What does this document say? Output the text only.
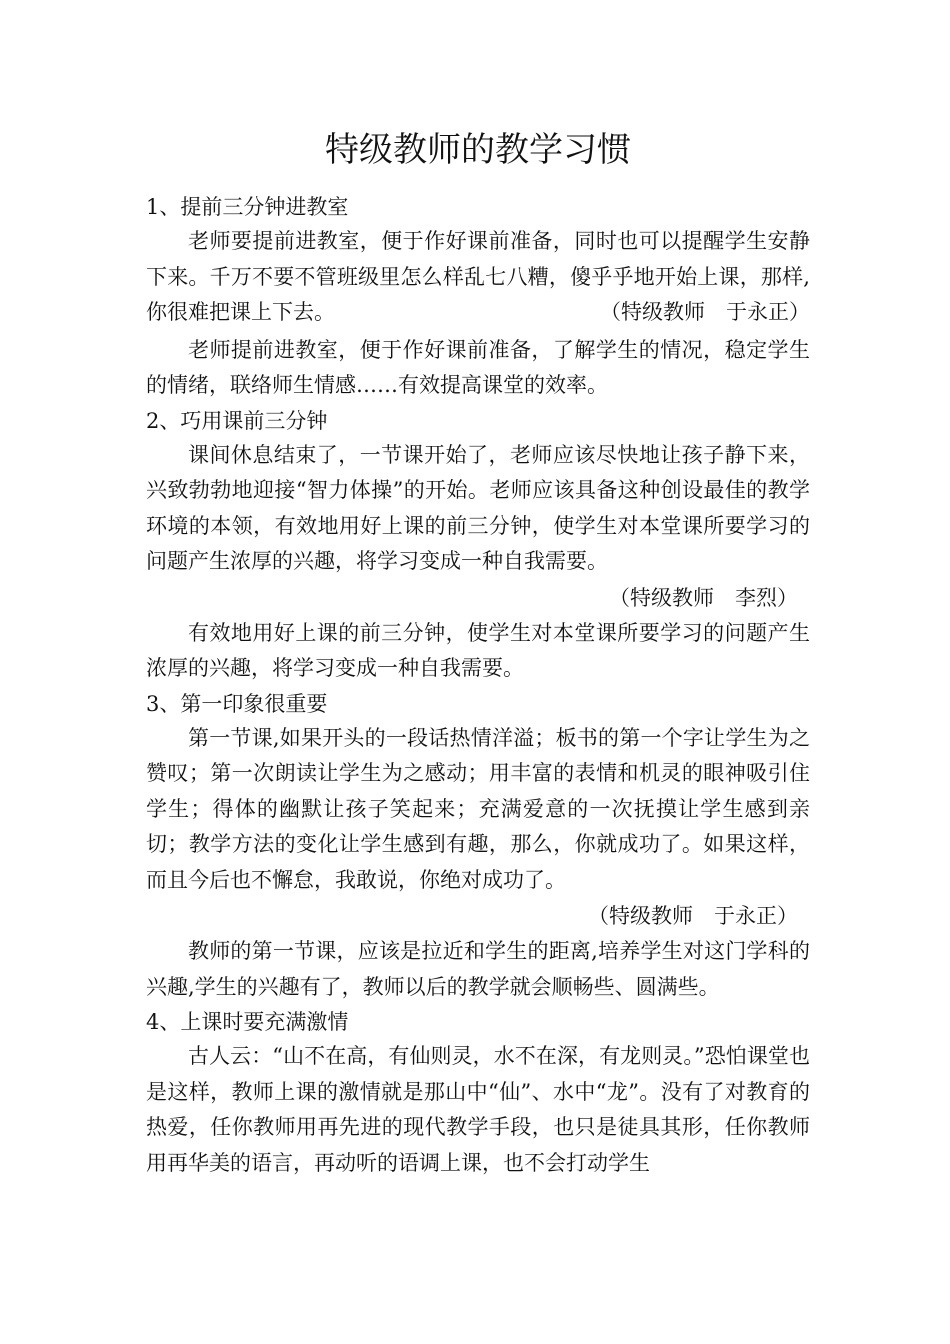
特级教师的教学习惯

1、提前三分钟进教室

老师要提前进教室，便于作好课前准备，同时也可以提醒学生安静下来。千万不要不管班级里怎么样乱七八糟，傻乎乎地开始上课，那样,你很难把课上下去。	（特级教师　于永正）

老师提前进教室，便于作好课前准备，了解学生的情况，稳定学生的情绪，联络师生情感……有效提高课堂的效率。

2、巧用课前三分钟

课间休息结束了，一节课开始了，老师应该尽快地让孩子静下来，兴致勃勃地迎接“智力体操”的开始。老师应该具备这种创设最佳的教学环境的本领，有效地用好上课的前三分钟，使学生对本堂课所要学习的问题产生浓厚的兴趣，将学习变成一种自我需要。

（特级教师　李烈）

有效地用好上课的前三分钟，使学生对本堂课所要学习的问题产生浓厚的兴趣，将学习变成一种自我需要。

3、第一印象很重要

第一节课,如果开头的一段话热情洋溢；板书的第一个字让学生为之赞叹；第一次朗读让学生为之感动；用丰富的表情和机灵的眼神吸引住学生；得体的幽默让孩子笑起来；充满爱意的一次抚摸让学生感到亲切；教学方法的变化让学生感到有趣，那么，你就成功了。如果这样，而且今后也不懈怠，我敢说，你绝对成功了。

（特级教师　于永正）

教师的第一节课，应该是拉近和学生的距离,培养学生对这门学科的兴趣,学生的兴趣有了，教师以后的教学就会顺畅些、圆满些。

4、上课时要充满激情

古人云：“山不在高，有仙则灵，水不在深，有龙则灵。”恐怕课堂也是这样，教师上课的激情就是那山中“仙”、水中“龙”。没有了对教育的热爱，任你教师用再先进的现代教学手段，也只是徒具其形，任你教师用再华美的语言，再动听的语调上课，也不会打动学生
